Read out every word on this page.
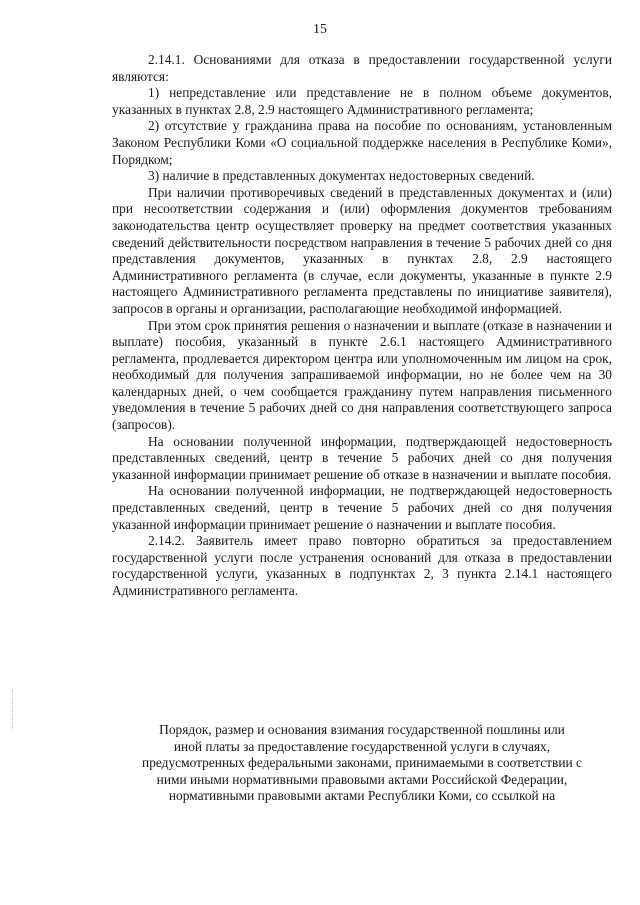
15

2.14.1. Основаниями для отказа в предоставлении государственной услуги являются:

1) непредставление или представление не в полном объеме документов, указанных в пунктах 2.8, 2.9 настоящего Административного регламента;

2) отсутствие у гражданина права на пособие по основаниям, установленным Законом Республики Коми «О социальной поддержке населения в Республике Коми», Порядком;

3) наличие в представленных документах недостоверных сведений.

При наличии противоречивых сведений в представленных документах и (или) при несоответствии содержания и (или) оформления документов требованиям законодательства центр осуществляет проверку на предмет соответствия указанных сведений действительности посредством направления в течение 5 рабочих дней со дня представления документов, указанных в пунктах 2.8, 2.9 настоящего Административного регламента (в случае, если документы, указанные в пункте 2.9 настоящего Административного регламента представлены по инициативе заявителя), запросов в органы и организации, располагающие необходимой информацией.

При этом срок принятия решения о назначении и выплате (отказе в назначении и выплате) пособия, указанный в пункте 2.6.1 настоящего Административного регламента, продлевается директором центра или уполномоченным им лицом на срок, необходимый для получения запрашиваемой информации, но не более чем на 30 календарных дней, о чем сообщается гражданину путем направления письменного уведомления в течение 5 рабочих дней со дня направления соответствующего запроса (запросов).

На основании полученной информации, подтверждающей недостоверность представленных сведений, центр в течение 5 рабочих дней со дня получения указанной информации принимает решение об отказе в назначении и выплате пособия.

На основании полученной информации, не подтверждающей недостоверность представленных сведений, центр в течение 5 рабочих дней со дня получения указанной информации принимает решение о назначении и выплате пособия.

2.14.2. Заявитель имеет право повторно обратиться за предоставлением государственной услуги после устранения оснований для отказа в предоставлении государственной услуги, указанных в подпунктах 2, 3 пункта 2.14.1 настоящего Административного регламента.

Порядок, размер и основания взимания государственной пошлины или
иной платы за предоставление государственной услуги в случаях,
предусмотренных федеральными законами, принимаемыми в соответствии с
ними иными нормативными правовыми актами Российской Федерации,
нормативными правовыми актами Республики Коми, со ссылкой на
